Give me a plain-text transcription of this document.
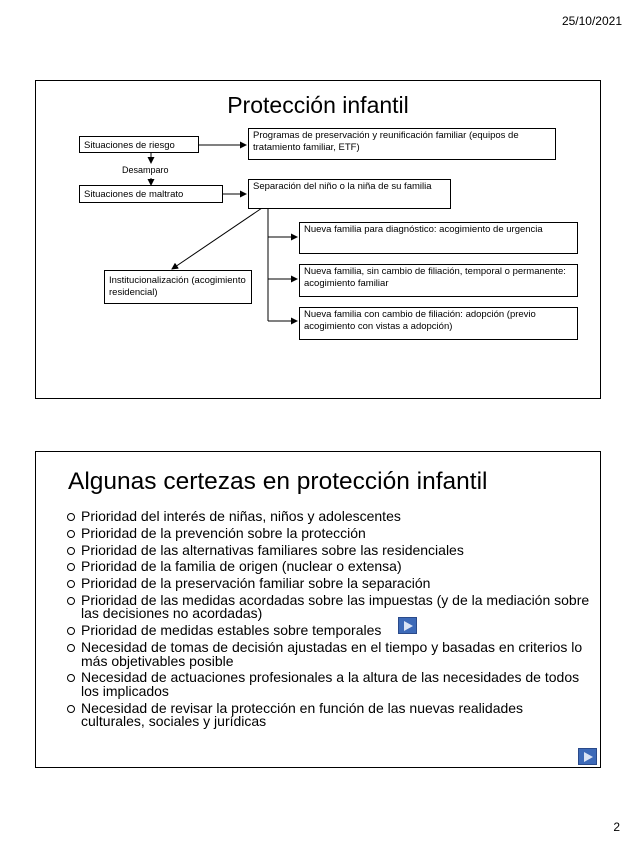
25/10/2021
Protección infantil
Situaciones de riesgo
Programas de preservación y reunificación familiar (equipos de tratamiento familiar, ETF)
Desamparo
Situaciones de maltrato
Separación del niño o la niña de su familia
Institucionalización (acogimiento residencial)
Nueva familia para diagnóstico: acogimiento de urgencia
Nueva familia, sin cambio de filiación, temporal o permanente: acogimiento familiar
Nueva familia con cambio de filiación: adopción (previo acogimiento con vistas a adopción)
Algunas certezas en protección infantil
Prioridad del interés de niñas, niños y adolescentes
Prioridad de la prevención sobre la protección
Prioridad de las alternativas familiares sobre las residenciales
Prioridad de la familia de origen (nuclear o extensa)
Prioridad de la preservación familiar sobre la separación
Prioridad de las medidas acordadas sobre las impuestas (y de la mediación sobre las decisiones no acordadas)
Prioridad de medidas estables sobre temporales
Necesidad de tomas de decisión ajustadas en el tiempo y basadas en criterios lo más objetivables posible
Necesidad de actuaciones profesionales a la altura de las necesidades de todos los implicados
Necesidad de revisar la protección en función de las nuevas realidades culturales, sociales y jurídicas
2
